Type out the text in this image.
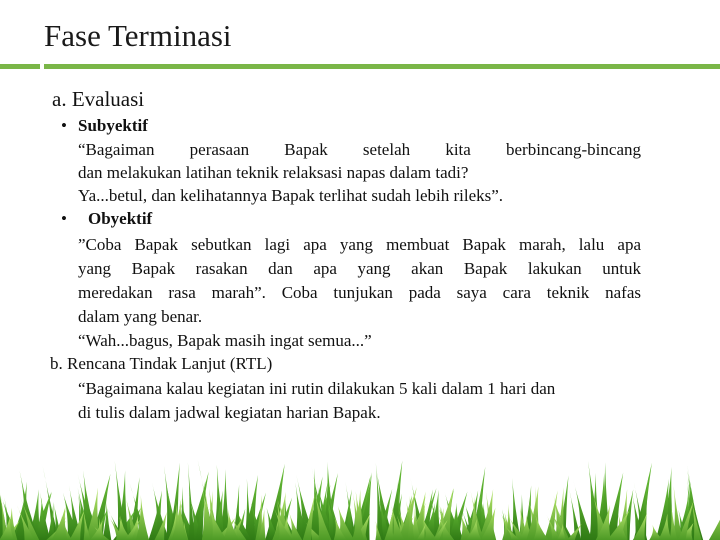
Fase Terminasi
a. Evaluasi
• Subyektif
“Bagaiman perasaan Bapak setelah kita berbincang-bincang
dan melakukan latihan teknik relaksasi napas dalam tadi?
Ya...betul, dan kelihatannya Bapak terlihat sudah lebih rileks”.
• Obyektif
”Coba Bapak sebutkan lagi apa yang membuat Bapak marah, lalu apa
yang Bapak rasakan dan apa yang akan Bapak lakukan untuk
meredakan rasa marah”. Coba tunjukan pada saya cara teknik nafas
dalam yang benar.
“Wah...bagus, Bapak masih ingat semua...”
b. Rencana Tindak Lanjut (RTL)
“Bagaimana kalau kegiatan ini rutin dilakukan 5 kali dalam 1 hari dan
di tulis dalam jadwal kegiatan harian Bapak.
